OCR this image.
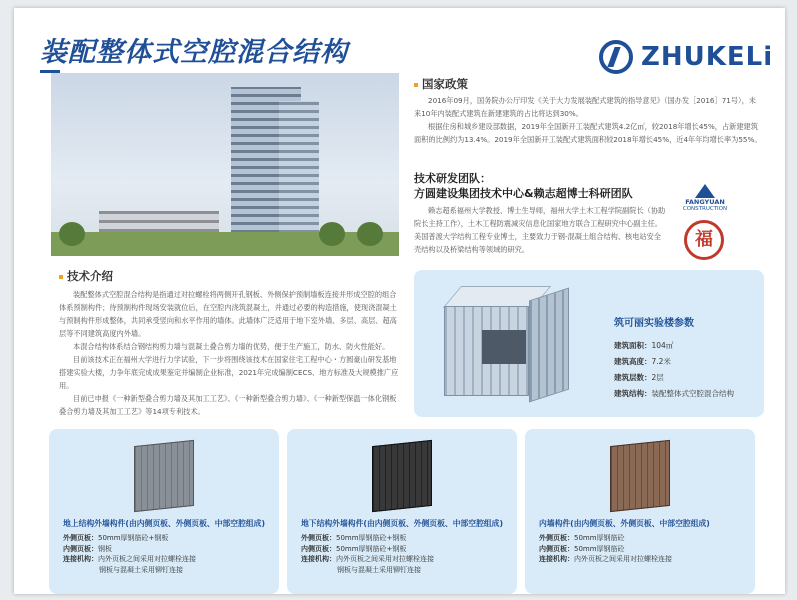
装配整体式空腔混合结构	ZHUKELi
国家政策

2016年09月，国务院办公厅印发《关于大力发展装配式建筑的指导意见》（国办发［2016］71号），未来10年内装配式建筑在新建建筑的占比将达到30%。

根据住房和城乡建设部数据，2019年全国新开工装配式建筑4.2亿㎡，较2018年增长45%，占新建建筑面积的比例约为13.4%。2019年全国新开工装配式建筑面积较2018年增长45%，近4年年均增长率为55%。

技术研发团队：
方圆建设集团技术中心&赖志超博士科研团队

赖志超系福州大学教授、博士生导师，福州大学土木工程学院副院长（协助院长主持工作），土木工程防震减灾信息化国家地方联合工程研究中心副主任。美国普渡大学结构工程专业博士，主要致力于钢-混凝土组合结构、核电站安全壳结构以及桥梁结构等领域的研究。

FANGYUAN
CONSTRUCTION
福
技术介绍

装配整体式空腔混合结构是指通过对拉螺栓将两侧开孔钢板、外侧保护预制墙板连接并形成空腔的组合体系预制构件；待预制构件现场安装就位后，在空腔内浇筑混凝土，并通过必要的构造措施，使现浇混凝土与预制构件形成整体，共同承受竖向和水平作用的墙体。此墙体广泛适用于地下室外墙、多层、高层、超高层等不同建筑高度内外墙。

本混合结构体系结合钢结构剪力墙与混凝土叠合剪力墙的优势，便于生产施工，防水、防火性能好。

目前该技术正在福州大学进行力学试验，下一步将围绕该技术在国家住宅工程中心・方圆豪山研发基地搭建实验大楼，力争年底完成成果鉴定并编制企业标准，2021年完成编制CECS、地方标准及大规模推广应用。

目前已申报《一种新型叠合剪力墙及其加工工艺》、《一种新型叠合剪力墙》、《一种新型保温一体化钢板叠合剪力墙及其加工工艺》等14项专利技术。

筑可丽实验楼参数
建筑面积：104㎡
建筑高度：7.2米
建筑层数：2层
建筑结构：装配整体式空腔混合结构
地上结构外墙构件(由内侧页板、外侧页板、中部空腔组成)
外侧页板：50mm厚钢筋砼+钢板
内侧页板：钢板
连接机构：内外页板之间采用对拉螺栓连接
钢板与混凝土采用铆钉连接
地下结构外墙构件(由内侧页板、外侧页板、中部空腔组成)
外侧页板：50mm厚钢筋砼+钢板
内侧页板：50mm厚钢筋砼+钢板
连接机构：内外页板之间采用对拉螺栓连接
钢板与混凝土采用铆钉连接
内墙构件(由内侧页板、外侧页板、中部空腔组成)
外侧页板：50mm厚钢筋砼
内侧页板：50mm厚钢筋砼
连接机构：内外页板之间采用对拉螺栓连接
